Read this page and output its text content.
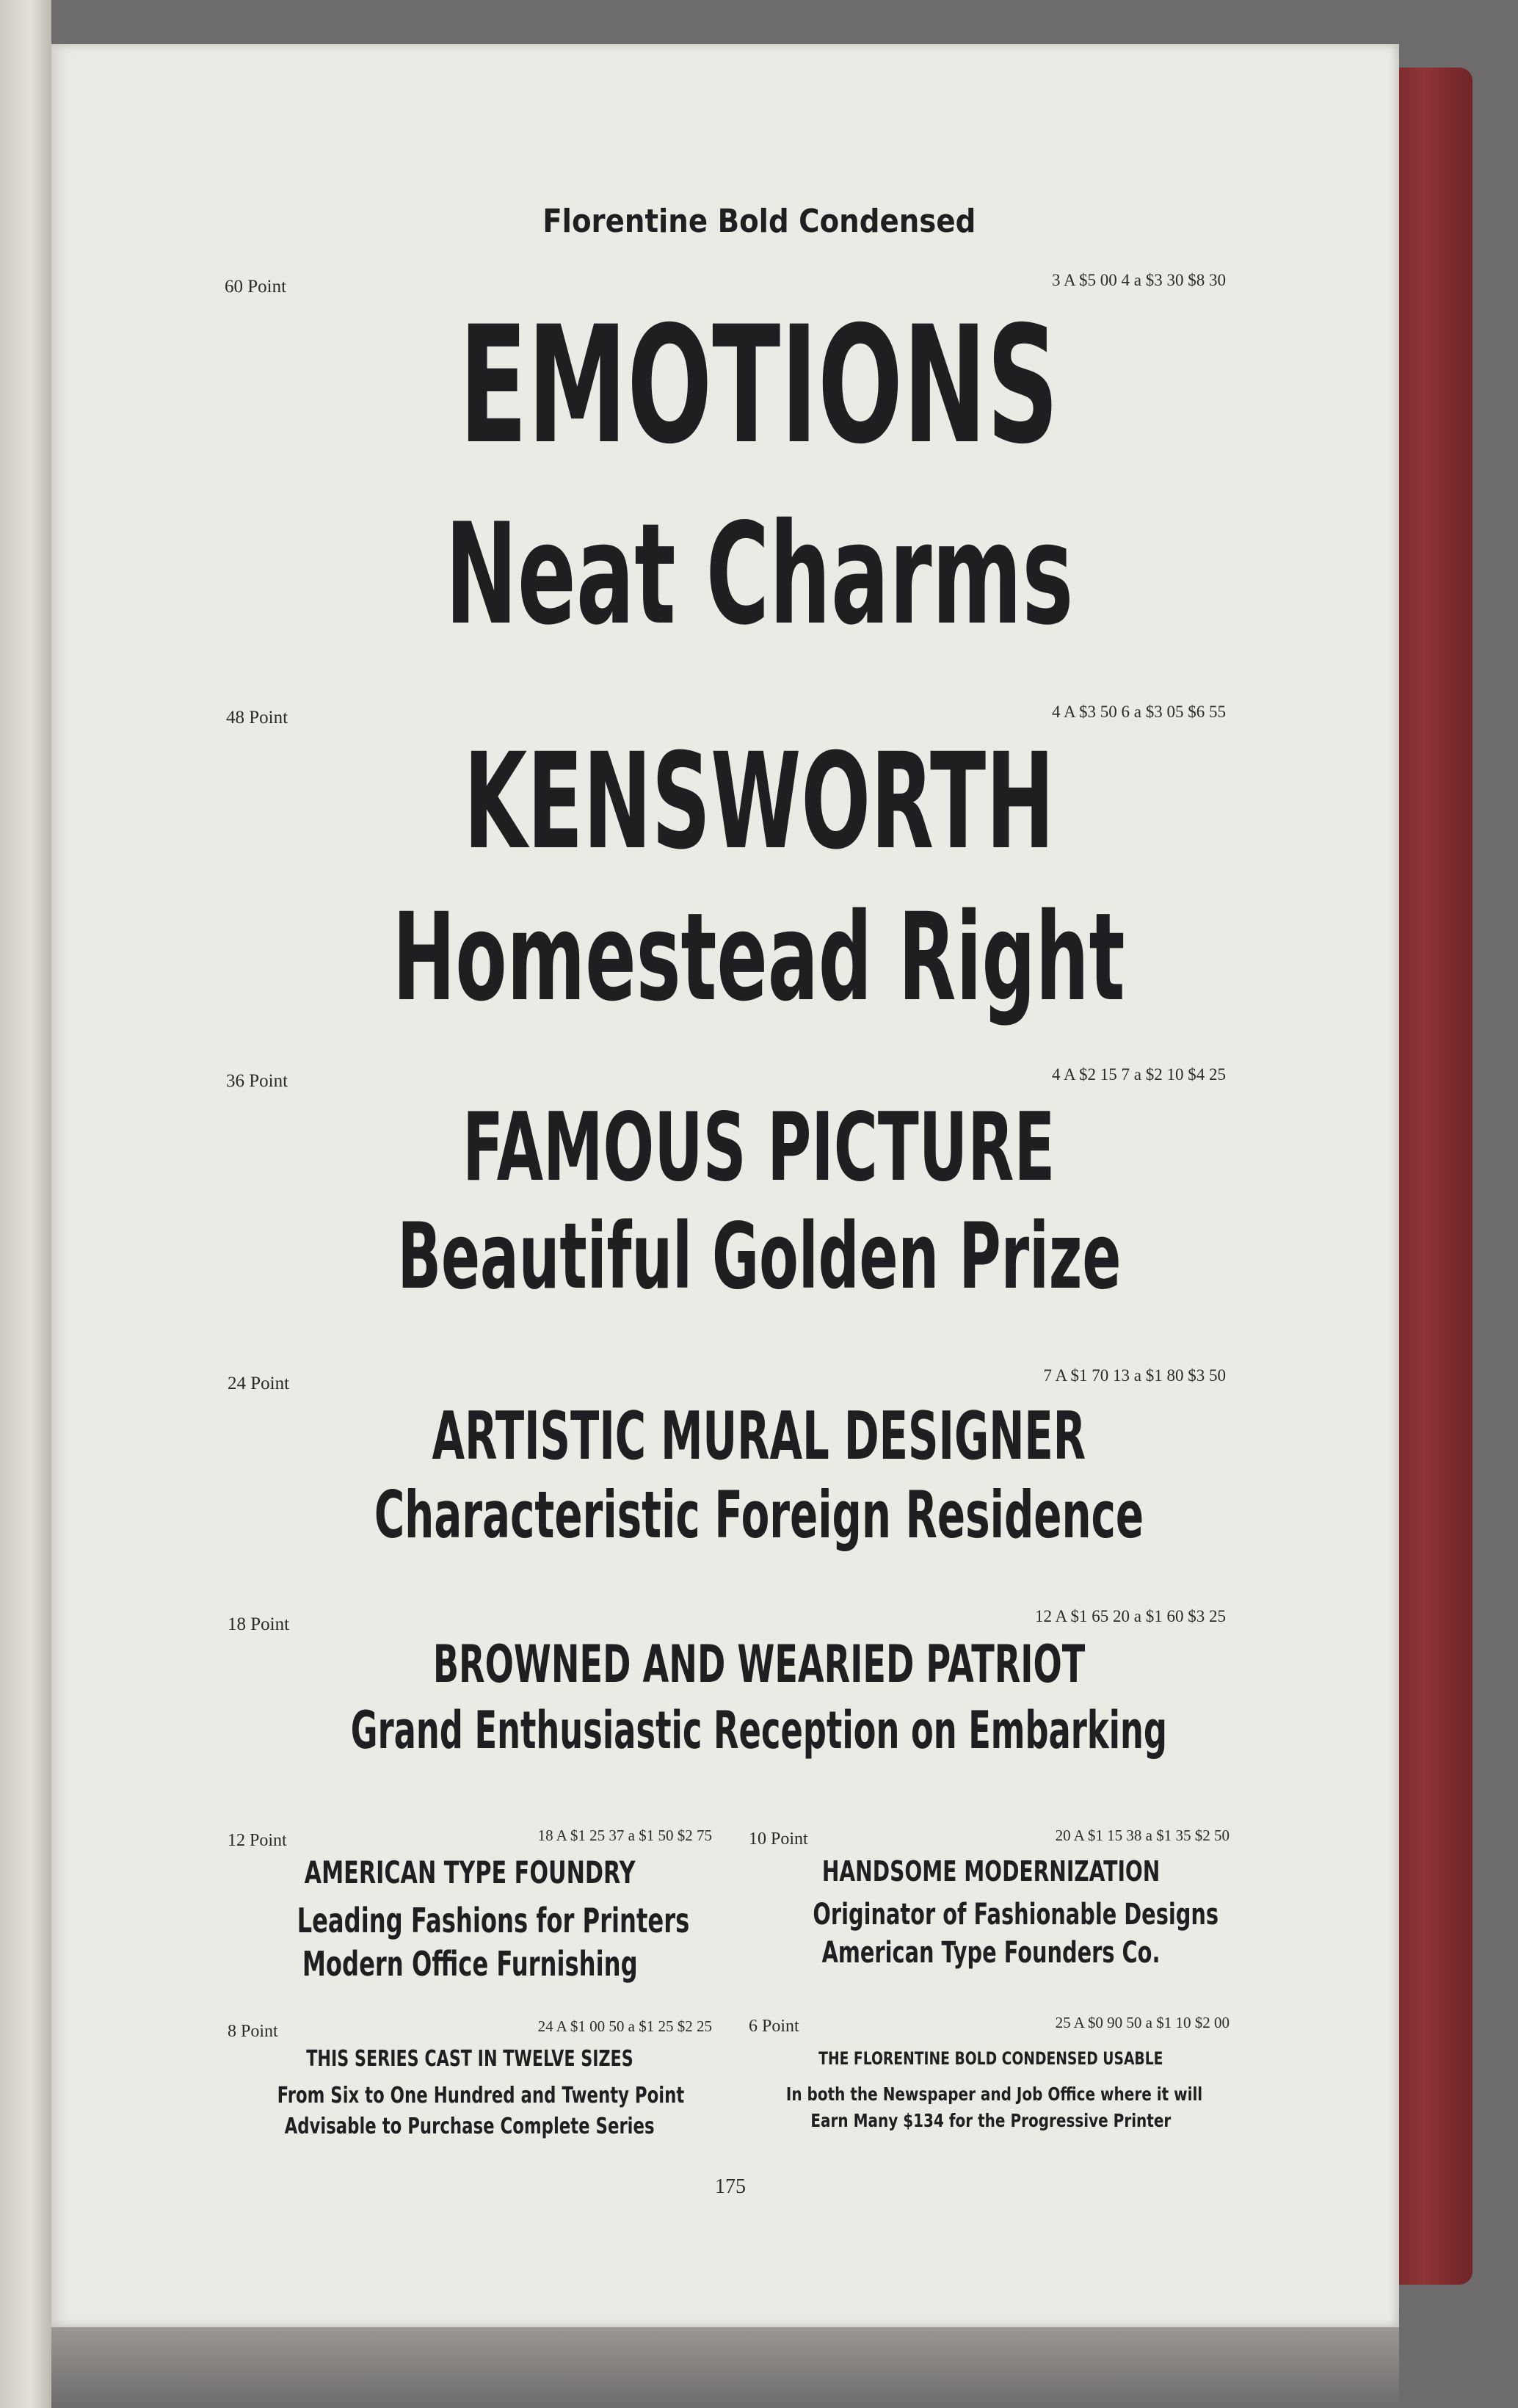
Florentine Bold Condensed
60 Point	3 A $5 00 4 a $3 30 $8 30
EMOTIONS
Neat Charms
48 Point	4 A $3 50 6 a $3 05 $6 55
KENSWORTH
Homestead Right
36 Point	4 A $2 15 7 a $2 10 $4 25
FAMOUS PICTURE
Beautiful Golden Prize
24 Point	7 A $1 70 13 a $1 80 $3 50
ARTISTIC MURAL DESIGNER
Characteristic Foreign Residence
18 Point	12 A $1 65 20 a $1 60 $3 25
BROWNED AND WEARIED PATRIOT
Grand Enthusiastic Reception on Embarking
12 Point	18 A $1 25 37 a $1 50 $2 75
AMERICAN TYPE FOUNDRY
Leading Fashions for Printers
Modern Office Furnishing
10 Point	20 A $1 15 38 a $1 35 $2 50
HANDSOME MODERNIZATION
Originator of Fashionable Designs
American Type Founders Co.
8 Point	24 A $1 00 50 a $1 25 $2 25
THIS SERIES CAST IN TWELVE SIZES
From Six to One Hundred and Twenty Point
Advisable to Purchase Complete Series
6 Point	25 A $0 90 50 a $1 10 $2 00
THE FLORENTINE BOLD CONDENSED USABLE
In both the Newspaper and Job Office where it will
Earn Many $134 for the Progressive Printer
175
